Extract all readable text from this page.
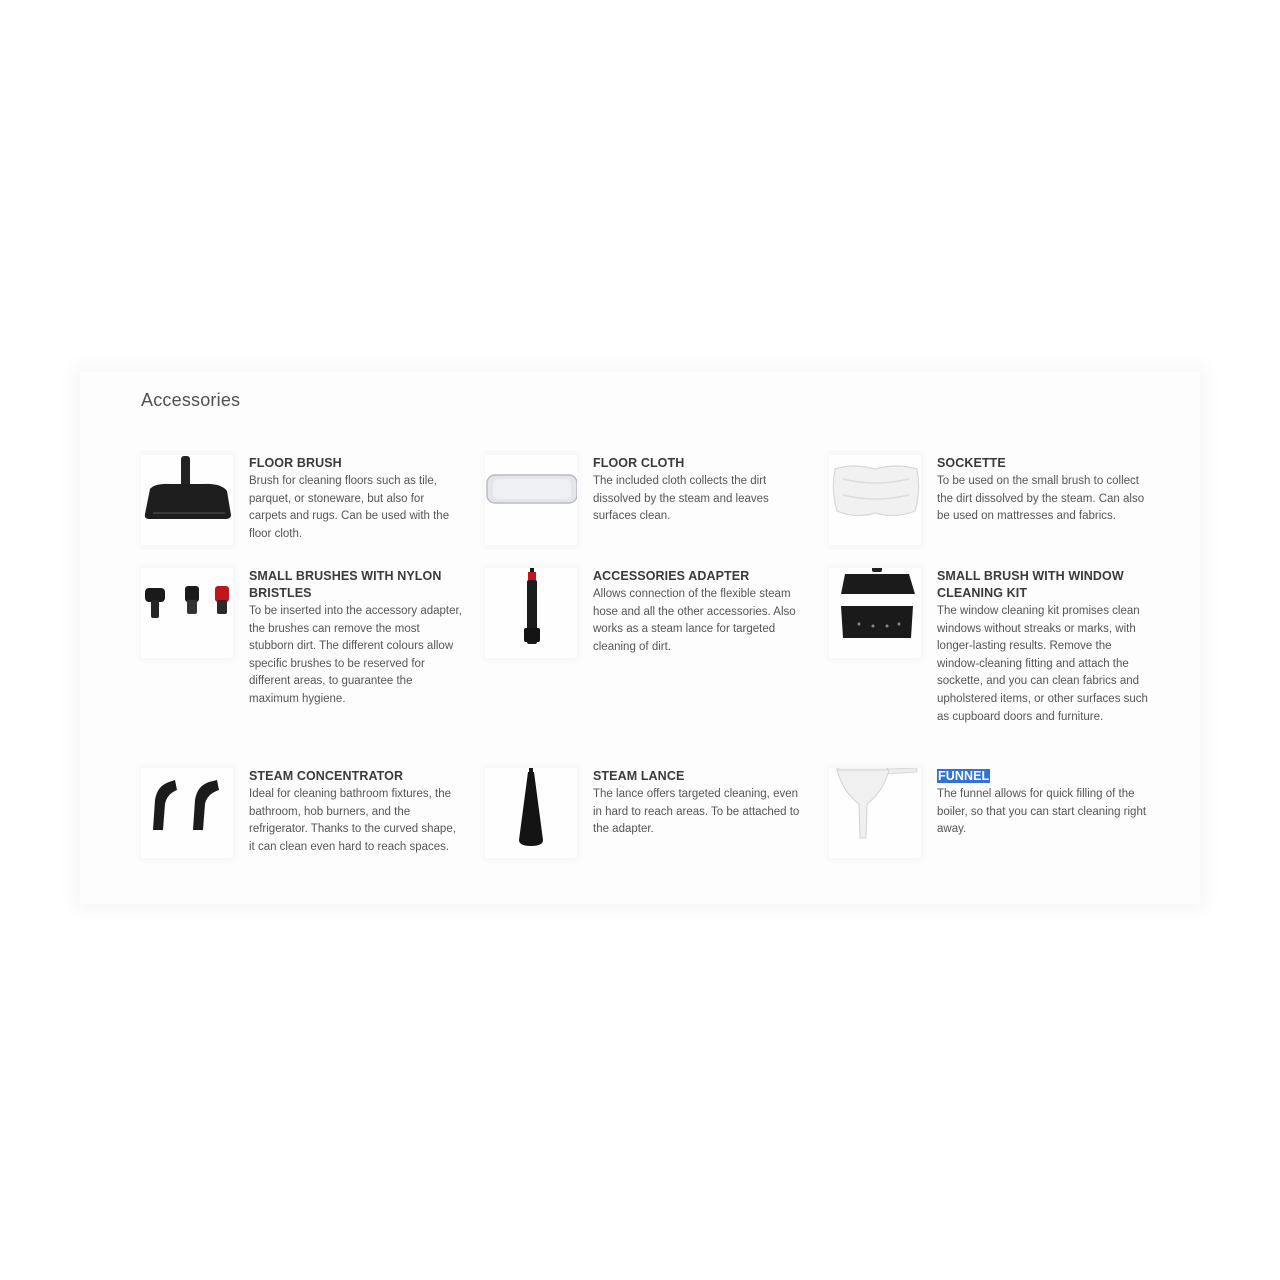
Accessories
FLOOR BRUSH

Brush for cleaning floors such as tile, parquet, or stoneware, but also for carpets and rugs. Can be used with the floor cloth.

FLOOR CLOTH

The included cloth collects the dirt dissolved by the steam and leaves surfaces clean.

SOCKETTE

To be used on the small brush to collect the dirt dissolved by the steam. Can also be used on mattresses and fabrics.

SMALL BRUSHES WITH NYLON BRISTLES

To be inserted into the accessory adapter, the brushes can remove the most stubborn dirt. The different colours allow specific brushes to be reserved for different areas, to guarantee the maximum hygiene.

ACCESSORIES ADAPTER

Allows connection of the flexible steam hose and all the other accessories. Also works as a steam lance for targeted cleaning of dirt.

SMALL BRUSH WITH WINDOW CLEANING KIT

The window cleaning kit promises clean windows without streaks or marks, with longer-lasting results. Remove the window-cleaning fitting and attach the sockette, and you can clean fabrics and upholstered items, or other surfaces such as cupboard doors and furniture.

STEAM CONCENTRATOR

Ideal for cleaning bathroom fixtures, the bathroom, hob burners, and the refrigerator. Thanks to the curved shape, it can clean even hard to reach spaces.

STEAM LANCE

The lance offers targeted cleaning, even in hard to reach areas. To be attached to the adapter.

FUNNEL

The funnel allows for quick filling of the boiler, so that you can start cleaning right away.
